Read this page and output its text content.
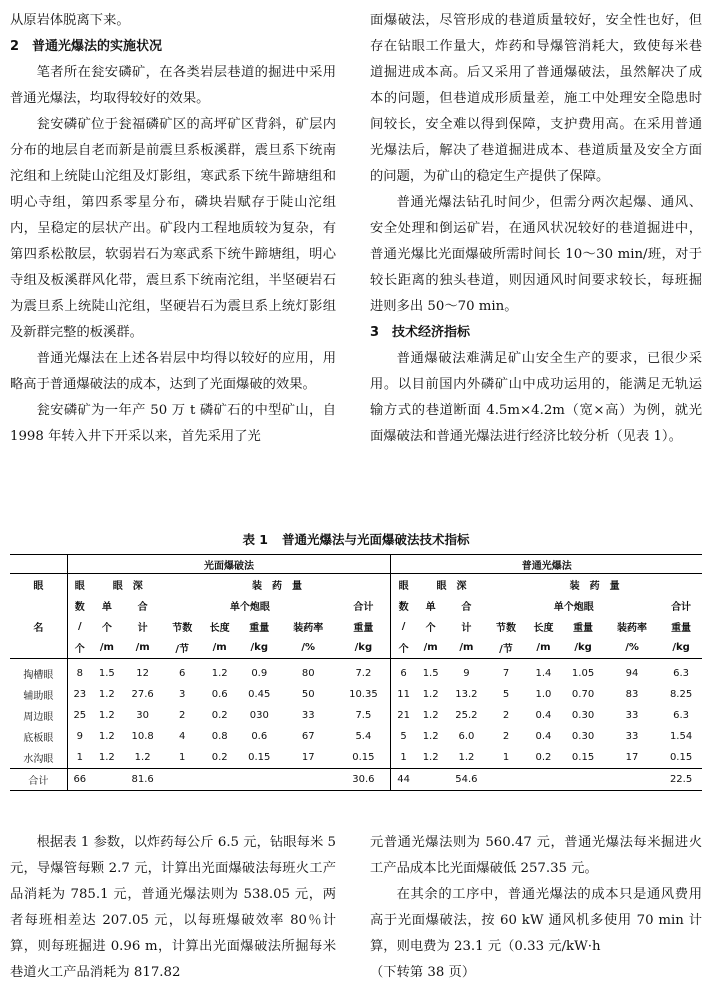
从原岩体脱离下来。

2　普通光爆法的实施状况

笔者所在瓮安磷矿，在各类岩层巷道的掘进中采用普通光爆法，均取得较好的效果。

瓮安磷矿位于瓮福磷矿区的高坪矿区背斜，矿层内分布的地层自老而新是前震旦系板溪群，震旦系下统南沱组和上统陡山沱组及灯影组，寒武系下统牛蹄塘组和明心寺组，第四系零星分布，磷块岩赋存于陡山沱组内，呈稳定的层状产出。矿段内工程地质较为复杂，有第四系松散层，软弱岩石为寒武系下统牛蹄塘组，明心寺组及板溪群风化带，震旦系下统南沱组，半坚硬岩石为震旦系上统陡山沱组，坚硬岩石为震旦系上统灯影组及新群完整的板溪群。

普通光爆法在上述各岩层中均得以较好的应用，用略高于普通爆破法的成本，达到了光面爆破的效果。

瓮安磷矿为一年产 50 万 t 磷矿石的中型矿山，自 1998 年转入井下开采以来，首先采用了光

面爆破法，尽管形成的巷道质量较好，安全性也好，但存在钻眼工作量大，炸药和导爆管消耗大，致使每米巷道掘进成本高。后又采用了普通爆破法，虽然解决了成本的问题，但巷道成形质量差，施工中处理安全隐患时间较长，安全难以得到保障，支护费用高。在采用普通光爆法后，解决了巷道掘进成本、巷道质量及安全方面的问题，为矿山的稳定生产提供了保障。

普通光爆法钻孔时间少，但需分两次起爆、通风、安全处理和倒运矿岩，在通风状况较好的巷道掘进中，普通光爆比光面爆破所需时间长 10～30 min/班，对于较长距离的独头巷道，则因通风时间要求较长，每班掘进则多出 50～70 min。

3　技术经济指标

普通爆破法难满足矿山安全生产的要求，已很少采用。以目前国内外磷矿山中成功运用的，能满足无轨运输方式的巷道断面 4.5m×4.2m（宽×高）为例，就光面爆破法和普通光爆法进行经济比较分析（见表 1）。

表 1 普通光爆法与光面爆破法技术指标
	光面爆破法								普通光爆法							
眼	眼	眼　深		装　药　量					眼	眼　深		装　药　量				
	数	单	合	单个炮眼				合计	数	单	合	单个炮眼				合计
名	/	个	计	节数	长度	重量	装药率	重量	/	个	计	节数	长度	重量	装药率	重量
	个	/m	/m	/节	/m	/kg	/%	/kg	个	/m	/m	/节	/m	/kg	/%	/kg
掏槽眼	8	1.5	12	6	1.2	0.9	80	7.2	6	1.5	9	7	1.4	1.05	94	6.3
辅助眼	23	1.2	27.6	3	0.6	0.45	50	10.35	11	1.2	13.2	5	1.0	0.70	83	8.25
周边眼	25	1.2	30	2	0.2	030	33	7.5	21	1.2	25.2	2	0.4	0.30	33	6.3
底板眼	9	1.2	10.8	4	0.8	0.6	67	5.4	5	1.2	6.0	2	0.4	0.30	33	1.54
水沟眼	1	1.2	1.2	1	0.2	0.15	17	0.15	1	1.2	1.2	1	0.2	0.15	17	0.15
合计	66		81.6					30.6	44		54.6					22.5

根据表 1 参数，以炸药每公斤 6.5 元，钻眼每米 5 元，导爆管每颗 2.7 元，计算出光面爆破法每班火工产品消耗为 785.1 元，普通光爆法则为 538.05 元，两者每班相差达 207.05 元，以每班爆破效率 80％计算，则每班掘进 0.96 m，计算出光面爆破法所掘每米巷道火工产品消耗为 817.82

元普通光爆法则为 560.47 元，普通光爆法每米掘进火工产品成本比光面爆破低 257.35 元。

在其余的工序中，普通光爆法的成本只是通风费用高于光面爆破法，按 60 kW 通风机多使用 70 min 计算，则电费为 23.1 元（0.33 元/kW·h

（下转第 38 页）
